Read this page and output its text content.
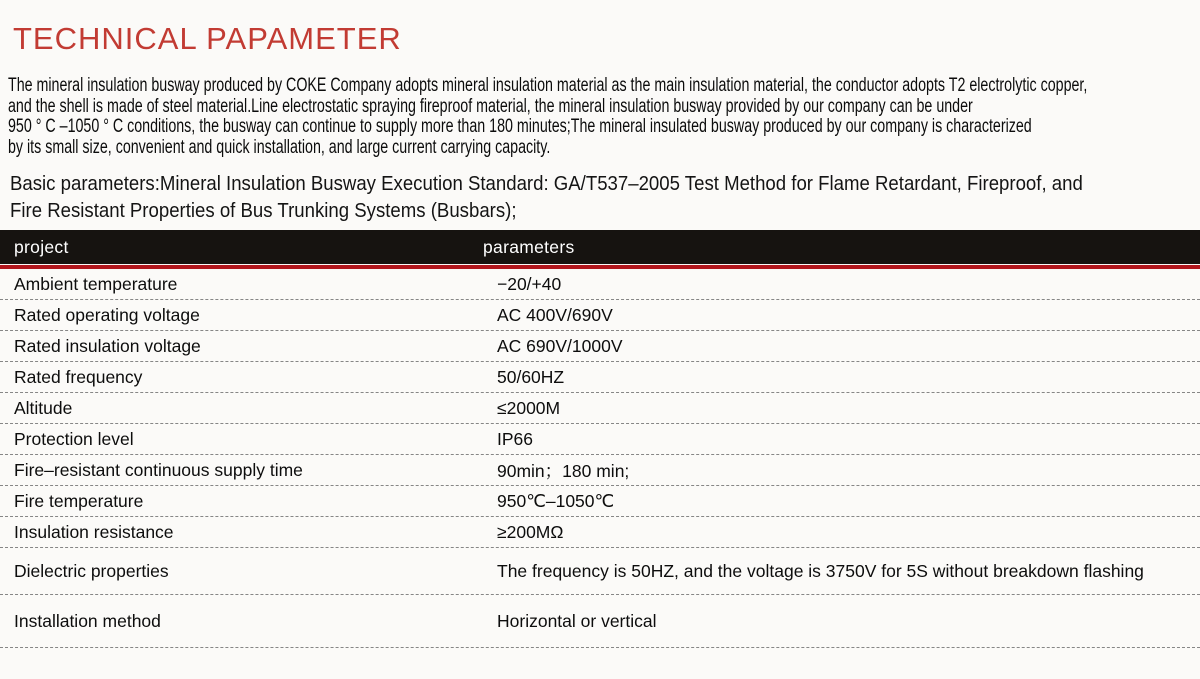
TECHNICAL PAPAMETER
The mineral insulation busway produced by COKE Company adopts mineral insulation material as the main insulation material, the conductor adopts T2 electrolytic copper,
and the shell is made of steel material.Line electrostatic spraying fireproof material, the mineral insulation busway provided by our company can be under
950 ° C –1050 ° C conditions, the busway can continue to supply more than 180 minutes;The mineral insulated busway produced by our company is characterized
by its small size, convenient and quick installation, and large current carrying capacity.
Basic parameters:Mineral Insulation Busway Execution Standard: GA/T537–2005 Test Method for Flame Retardant, Fireproof, and
Fire Resistant Properties of Bus Trunking Systems (Busbars);
project	parameters
Ambient temperature	−20/+40
Rated operating voltage	AC 400V/690V
Rated insulation voltage	AC 690V/1000V
Rated frequency	50/60HZ
Altitude	≤2000M
Protection level	IP66
Fire–resistant continuous supply time	90min；180 min;
Fire temperature	950℃–1050℃
Insulation resistance	≥200MΩ
Dielectric properties	The frequency is 50HZ, and the voltage is 3750V for 5S without breakdown flashing
Installation method	Horizontal or vertical
